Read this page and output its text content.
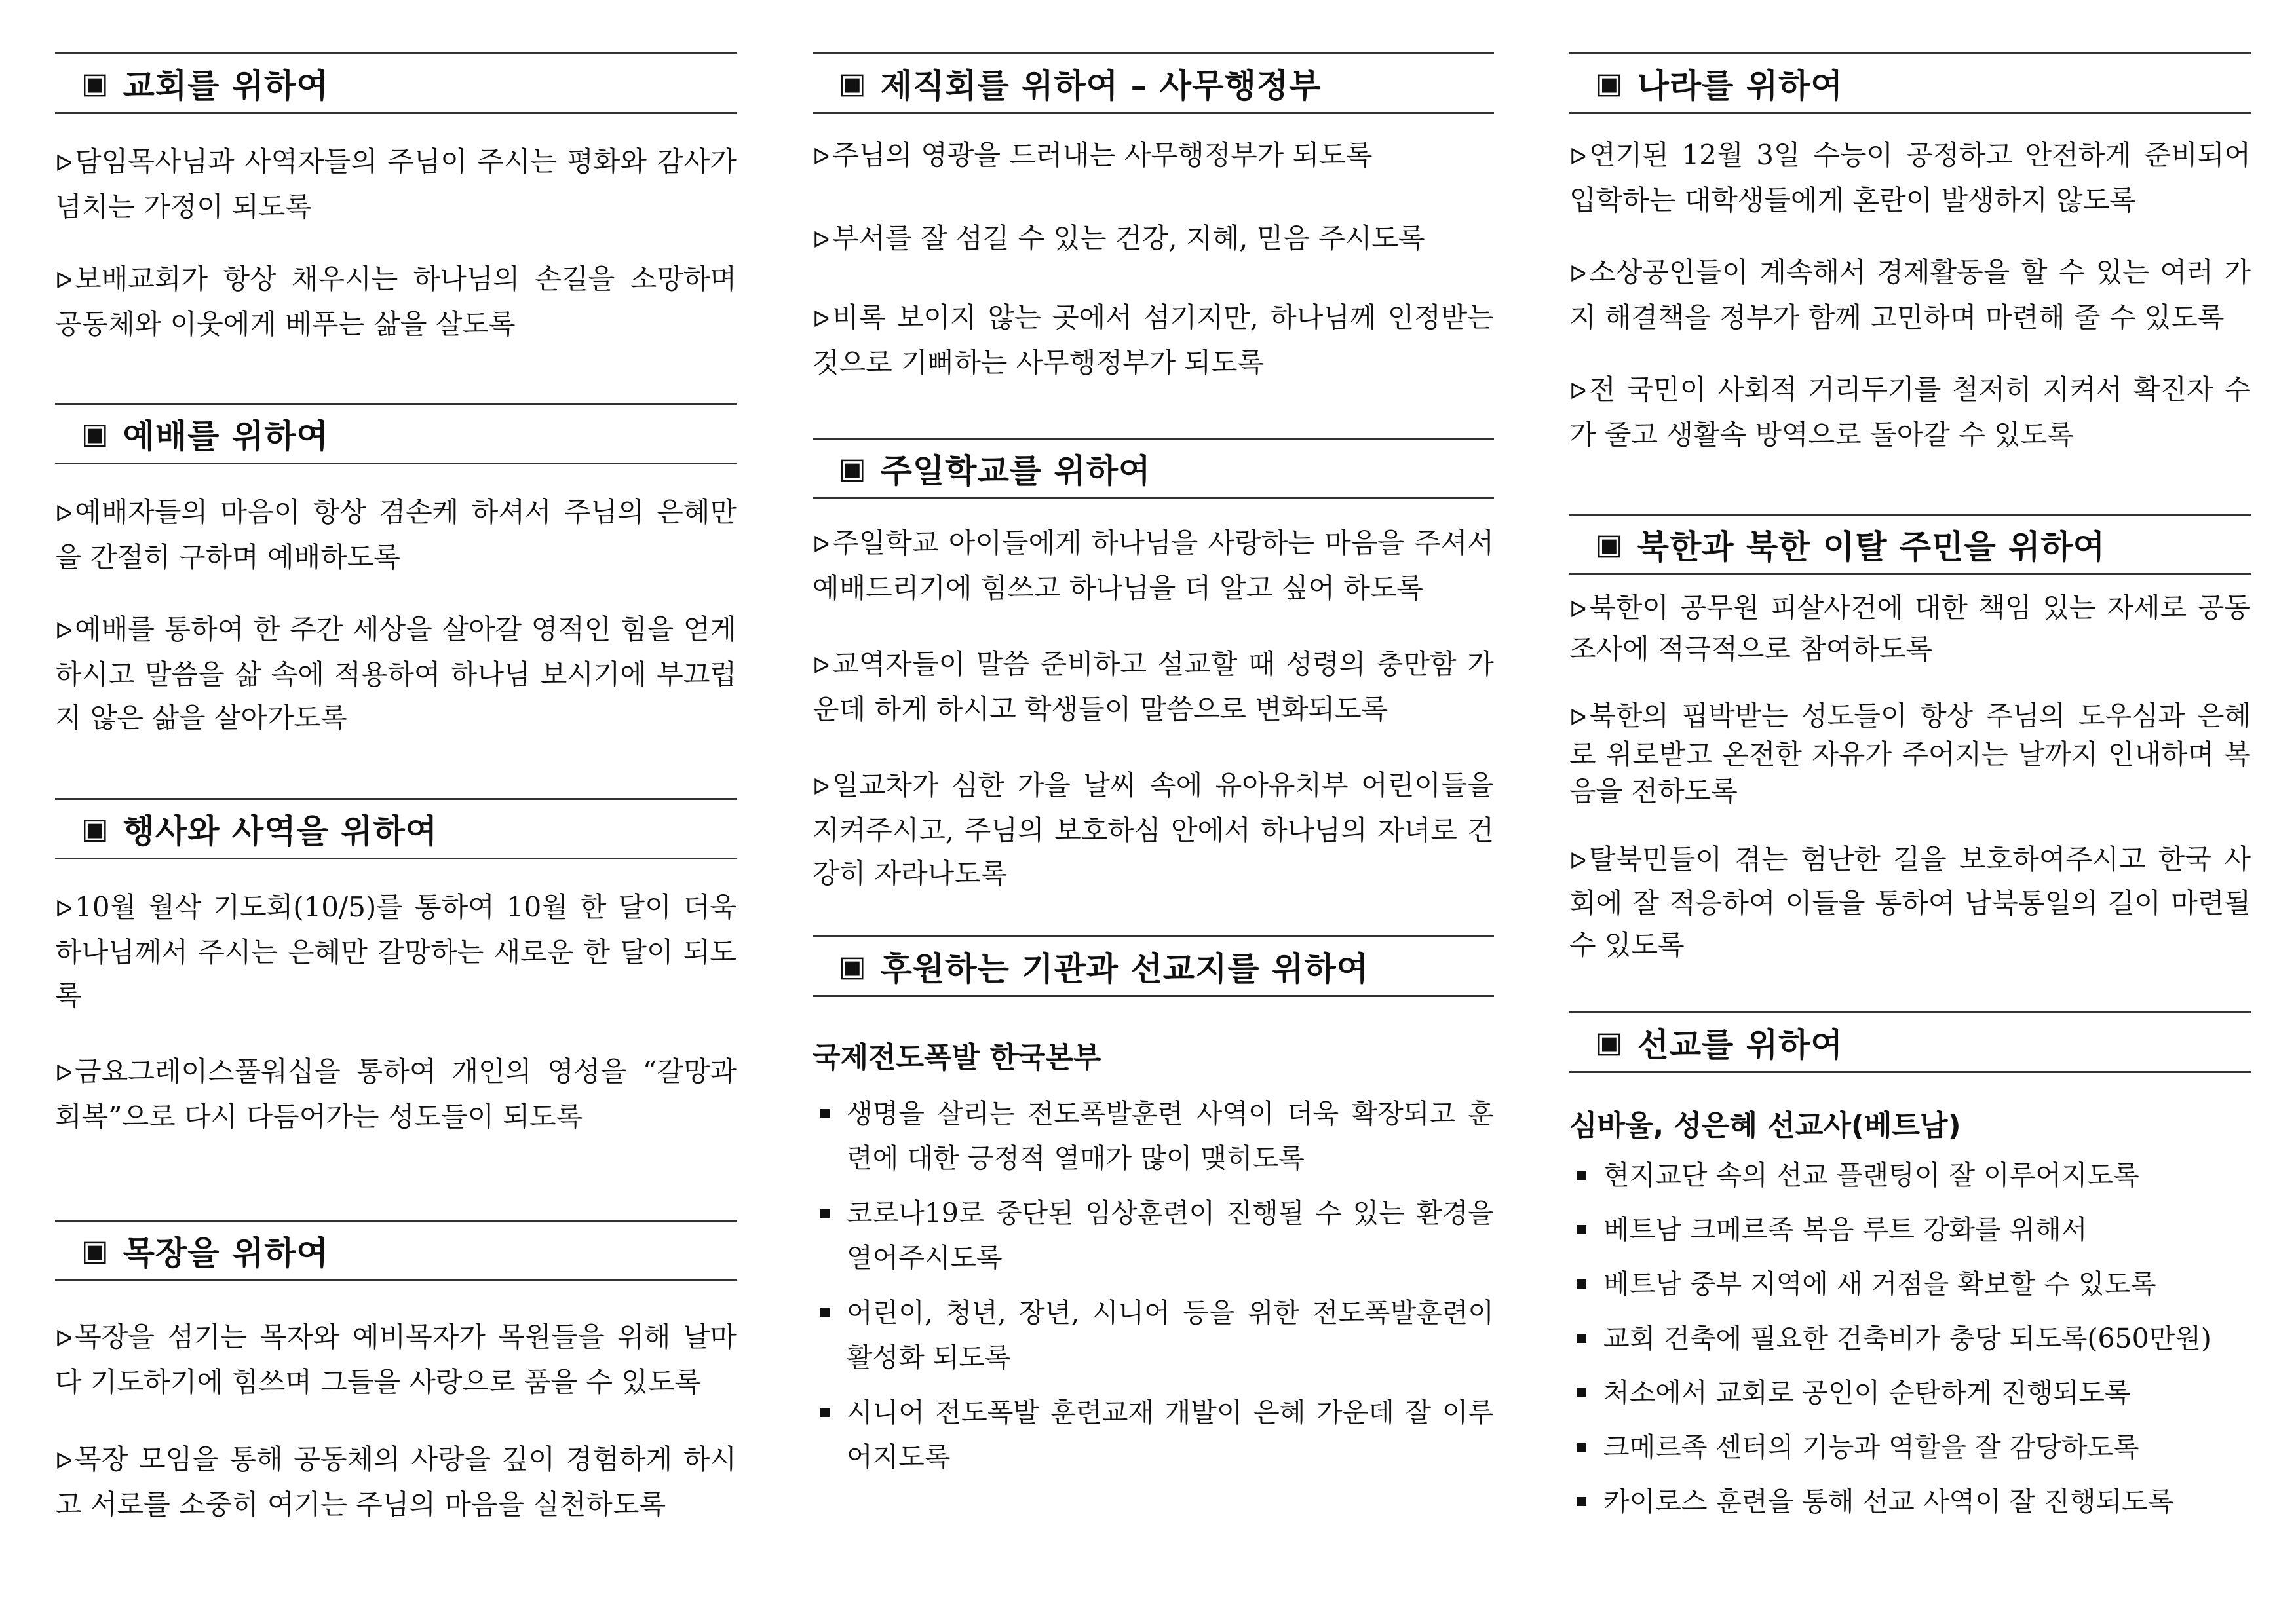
▣ 교회를 위하여
ᐅ담임목사님과 사역자들의 주님이 주시는 평화와 감사가 넘치는 가정이 되도록
ᐅ보배교회가 항상 채우시는 하나님의 손길을 소망하며 공동체와 이웃에게 베푸는 삶을 살도록
▣ 예배를 위하여
ᐅ예배자들의 마음이 항상 겸손케 하셔서 주님의 은혜만을 간절히 구하며 예배하도록
ᐅ예배를 통하여 한 주간 세상을 살아갈 영적인 힘을 얻게 하시고 말씀을 삶 속에 적용하여 하나님 보시기에 부끄럽지 않은 삶을 살아가도록
▣ 행사와 사역을 위하여
ᐅ10월 월삭 기도회(10/5)를 통하여 10월 한 달이 더욱 하나님께서 주시는 은혜만 갈망하는 새로운 한 달이 되도록
ᐅ금요그레이스풀워십을 통하여 개인의 영성을 “갈망과 회복”으로 다시 다듬어가는 성도들이 되도록
▣ 목장을 위하여
ᐅ목장을 섬기는 목자와 예비목자가 목원들을 위해 날마다 기도하기에 힘쓰며 그들을 사랑으로 품을 수 있도록
ᐅ목장 모임을 통해 공동체의 사랑을 깊이 경험하게 하시고 서로를 소중히 여기는 주님의 마음을 실천하도록
▣ 제직회를 위하여 – 사무행정부
ᐅ주님의 영광을 드러내는 사무행정부가 되도록
ᐅ부서를 잘 섬길 수 있는 건강, 지혜, 믿음 주시도록
ᐅ비록 보이지 않는 곳에서 섬기지만, 하나님께 인정받는 것으로 기뻐하는 사무행정부가 되도록
▣ 주일학교를 위하여
ᐅ주일학교 아이들에게 하나님을 사랑하는 마음을 주셔서 예배드리기에 힘쓰고 하나님을 더 알고 싶어 하도록
ᐅ교역자들이 말씀 준비하고 설교할 때 성령의 충만함 가운데 하게 하시고 학생들이 말씀으로 변화되도록
ᐅ일교차가 심한 가을 날씨 속에 유아유치부 어린이들을 지켜주시고, 주님의 보호하심 안에서 하나님의 자녀로 건강히 자라나도록
▣ 후원하는 기관과 선교지를 위하여
국제전도폭발 한국본부
생명을 살리는 전도폭발훈련 사역이 더욱 확장되고 훈련에 대한 긍정적 열매가 많이 맺히도록
코로나19로 중단된 임상훈련이 진행될 수 있는 환경을 열어주시도록
어린이, 청년, 장년, 시니어 등을 위한 전도폭발훈련이 활성화 되도록
시니어 전도폭발 훈련교재 개발이 은혜 가운데 잘 이루어지도록
▣ 나라를 위하여
ᐅ연기된 12월 3일 수능이 공정하고 안전하게 준비되어 입학하는 대학생들에게 혼란이 발생하지 않도록
ᐅ소상공인들이 계속해서 경제활동을 할 수 있는 여러 가지 해결책을 정부가 함께 고민하며 마련해 줄 수 있도록
ᐅ전 국민이 사회적 거리두기를 철저히 지켜서 확진자 수가 줄고 생활속 방역으로 돌아갈 수 있도록
▣ 북한과 북한 이탈 주민을 위하여
ᐅ북한이 공무원 피살사건에 대한 책임 있는 자세로 공동조사에 적극적으로 참여하도록
ᐅ북한의 핍박받는 성도들이 항상 주님의 도우심과 은혜로 위로받고 온전한 자유가 주어지는 날까지 인내하며 복음을 전하도록
ᐅ탈북민들이 겪는 험난한 길을 보호하여주시고 한국 사회에 잘 적응하여 이들을 통하여 남북통일의 길이 마련될 수 있도록
▣ 선교를 위하여
심바울, 성은혜 선교사(베트남)
현지교단 속의 선교 플랜팅이 잘 이루어지도록
베트남 크메르족 복음 루트 강화를 위해서
베트남 중부 지역에 새 거점을 확보할 수 있도록
교회 건축에 필요한 건축비가 충당 되도록(650만원)
처소에서 교회로 공인이 순탄하게 진행되도록
크메르족 센터의 기능과 역할을 잘 감당하도록
카이로스 훈련을 통해 선교 사역이 잘 진행되도록
